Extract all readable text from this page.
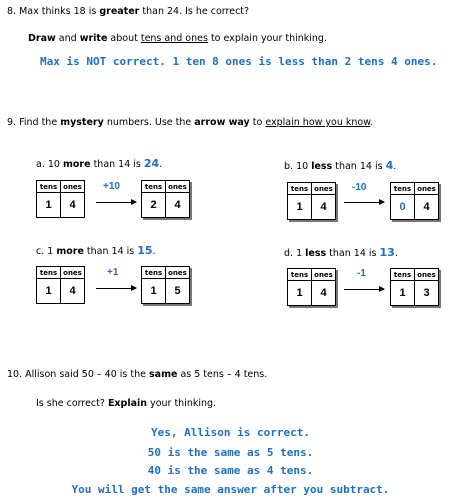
8. Max thinks 18 is greater than 24. Is he correct?
Draw and write about tens and ones to explain your thinking.
Max is NOT correct. 1 ten 8 ones is less than 2 tens 4 ones.
9. Find the mystery numbers. Use the arrow way to explain how you know.
a. 10 more than 14 is 24.
tens	ones
1	4
+10	tens	ones
2	4
b. 10 less than 14 is 4.
tens	ones
1	4
-10	tens	ones
0	4
c. 1 more than 14 is 15.
tens	ones
1	4
+1	tens	ones
1	5
d. 1 less than 14 is 13.
tens	ones
1	4
-1	tens	ones
1	3
10. Allison said 50 – 40 is the same as 5 tens – 4 tens.
Is she correct? Explain your thinking.
Yes, Allison is correct.
50 is the same as 5 tens.
40 is the same as 4 tens.
You will get the same answer after you subtract.
